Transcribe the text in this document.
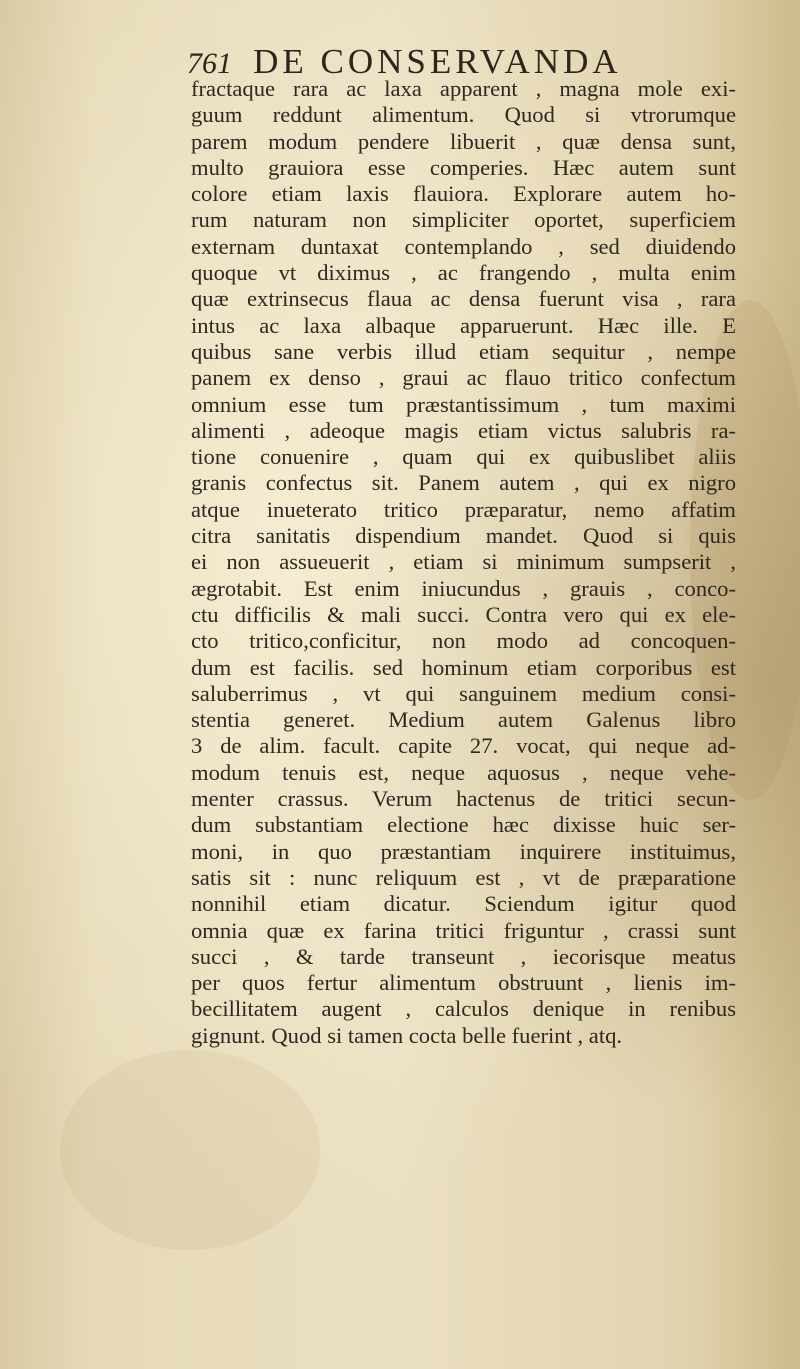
761 DE CONSERVANDA
fractaque rara ac laxa apparent , magna mole exi-
guum reddunt alimentum. Quod si vtrorumque
parem modum pendere libuerit , quæ densa sunt,
multo grauiora esse comperies. Hæc autem sunt
colore etiam laxis flauiora. Explorare autem ho-
rum naturam non simpliciter oportet, superficiem
externam duntaxat contemplando , sed diuidendo
quoque vt diximus , ac frangendo , multa enim
quæ extrinsecus flaua ac densa fuerunt visa , rara
intus ac laxa albaque apparuerunt. Hæc ille. E
quibus sane verbis illud etiam sequitur , nempe
panem ex denso , graui ac flauo tritico confectum
omnium esse tum præstantissimum , tum maximi
alimenti , adeoque magis etiam victus salubris ra-
tione conuenire , quam qui ex quibuslibet aliis
granis confectus sit. Panem autem , qui ex nigro
atque inueterato tritico præparatur, nemo affatim
citra sanitatis dispendium mandet. Quod si quis
ei non assueuerit , etiam si minimum sumpserit ,
ægrotabit. Est enim iniucundus , grauis , conco-
ctu difficilis & mali succi. Contra vero qui ex ele-
cto tritico,conficitur, non modo ad concoquen-
dum est facilis. sed hominum etiam corporibus est
saluberrimus , vt qui sanguinem medium consi-
stentia generet. Medium autem Galenus libro
3 de alim. facult. capite 27. vocat, qui neque ad-
modum tenuis est, neque aquosus , neque vehe-
menter crassus. Verum hactenus de tritici secun-
dum substantiam electione hæc dixisse huic ser-
moni, in quo præstantiam inquirere instituimus,
satis sit : nunc reliquum est , vt de præparatione
nonnihil etiam dicatur. Sciendum igitur quod
omnia quæ ex farina tritici friguntur , crassi sunt
succi , & tarde transeunt , iecorisque meatus
per quos fertur alimentum obstruunt , lienis im-
becillitatem augent , calculos denique in renibus
gignunt. Quod si tamen cocta belle fuerint , atq.
